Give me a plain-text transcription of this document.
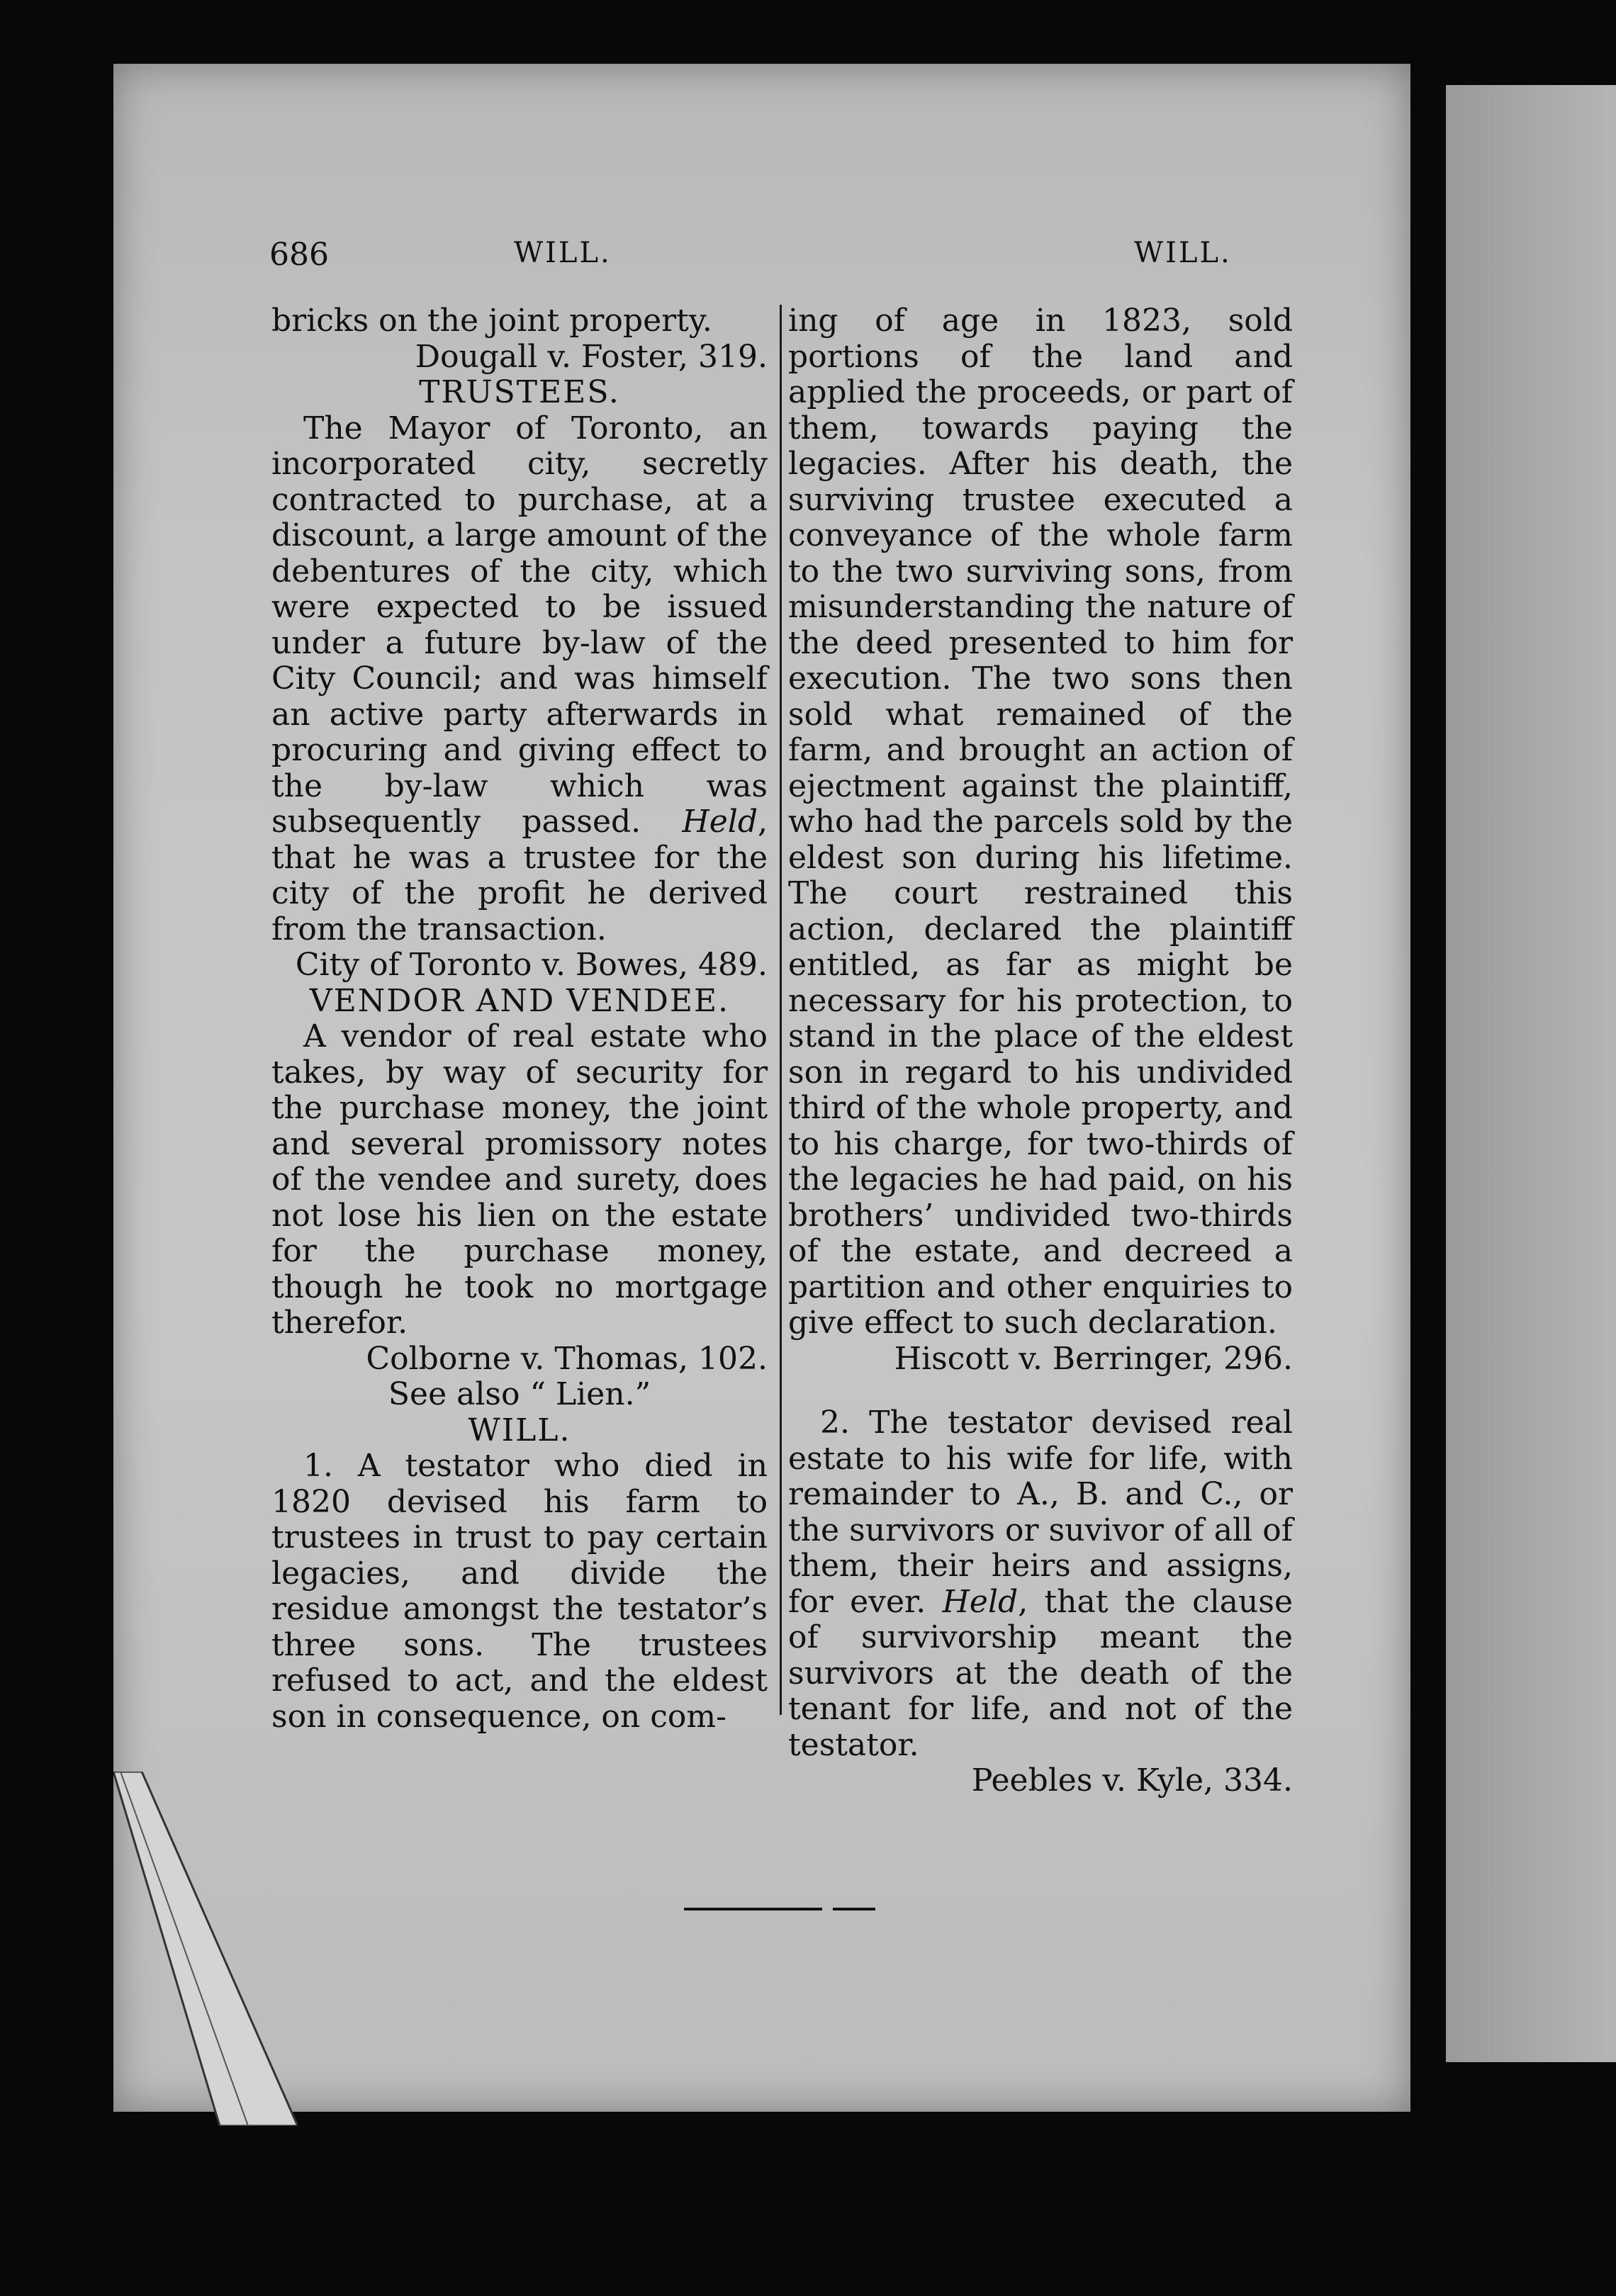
686	WILL.	WILL.

bricks on the joint property.

Dougall v. Foster, 319.

TRUSTEES.

The Mayor of Toronto, an incorporated city, secretly contracted to purchase, at a discount, a large amount of the debentures of the city, which were expected to be issued under a future by-law of the City Council; and was himself an active party afterwards in procuring and giving effect to the by-law which was subsequently passed. Held, that he was a trustee for the city of the profit he derived from the transaction.

City of Toronto v. Bowes, 489.

VENDOR AND VENDEE.

A vendor of real estate who takes, by way of security for the purchase money, the joint and several promissory notes of the vendee and surety, does not lose his lien on the estate for the purchase money, though he took no mortgage therefor.

Colborne v. Thomas, 102.

See also “ Lien.”

WILL.

1. A testator who died in 1820 devised his farm to trustees in trust to pay certain legacies, and divide the residue amongst the testator’s three sons. The trustees refused to act, and the eldest son in consequence, on com-

ing of age in 1823, sold portions of the land and applied the proceeds, or part of them, towards paying the legacies. After his death, the surviving trustee executed a conveyance of the whole farm to the two surviving sons, from misunderstanding the nature of the deed presented to him for execution. The two sons then sold what remained of the farm, and brought an action of ejectment against the plaintiff, who had the parcels sold by the eldest son during his lifetime. The court restrained this action, declared the plaintiff entitled, as far as might be necessary for his protection, to stand in the place of the eldest son in regard to his undivided third of the whole property, and to his charge, for two-thirds of the legacies he had paid, on his brothers’ undivided two-thirds of the estate, and decreed a partition and other enquiries to give effect to such declaration.

Hiscott v. Berringer, 296.

2. The testator devised real estate to his wife for life, with remainder to A., B. and C., or the survivors or suvivor of all of them, their heirs and assigns, for ever. Held, that the clause of survivorship meant the survivors at the death of the tenant for life, and not of the testator.

Peebles v. Kyle, 334.
